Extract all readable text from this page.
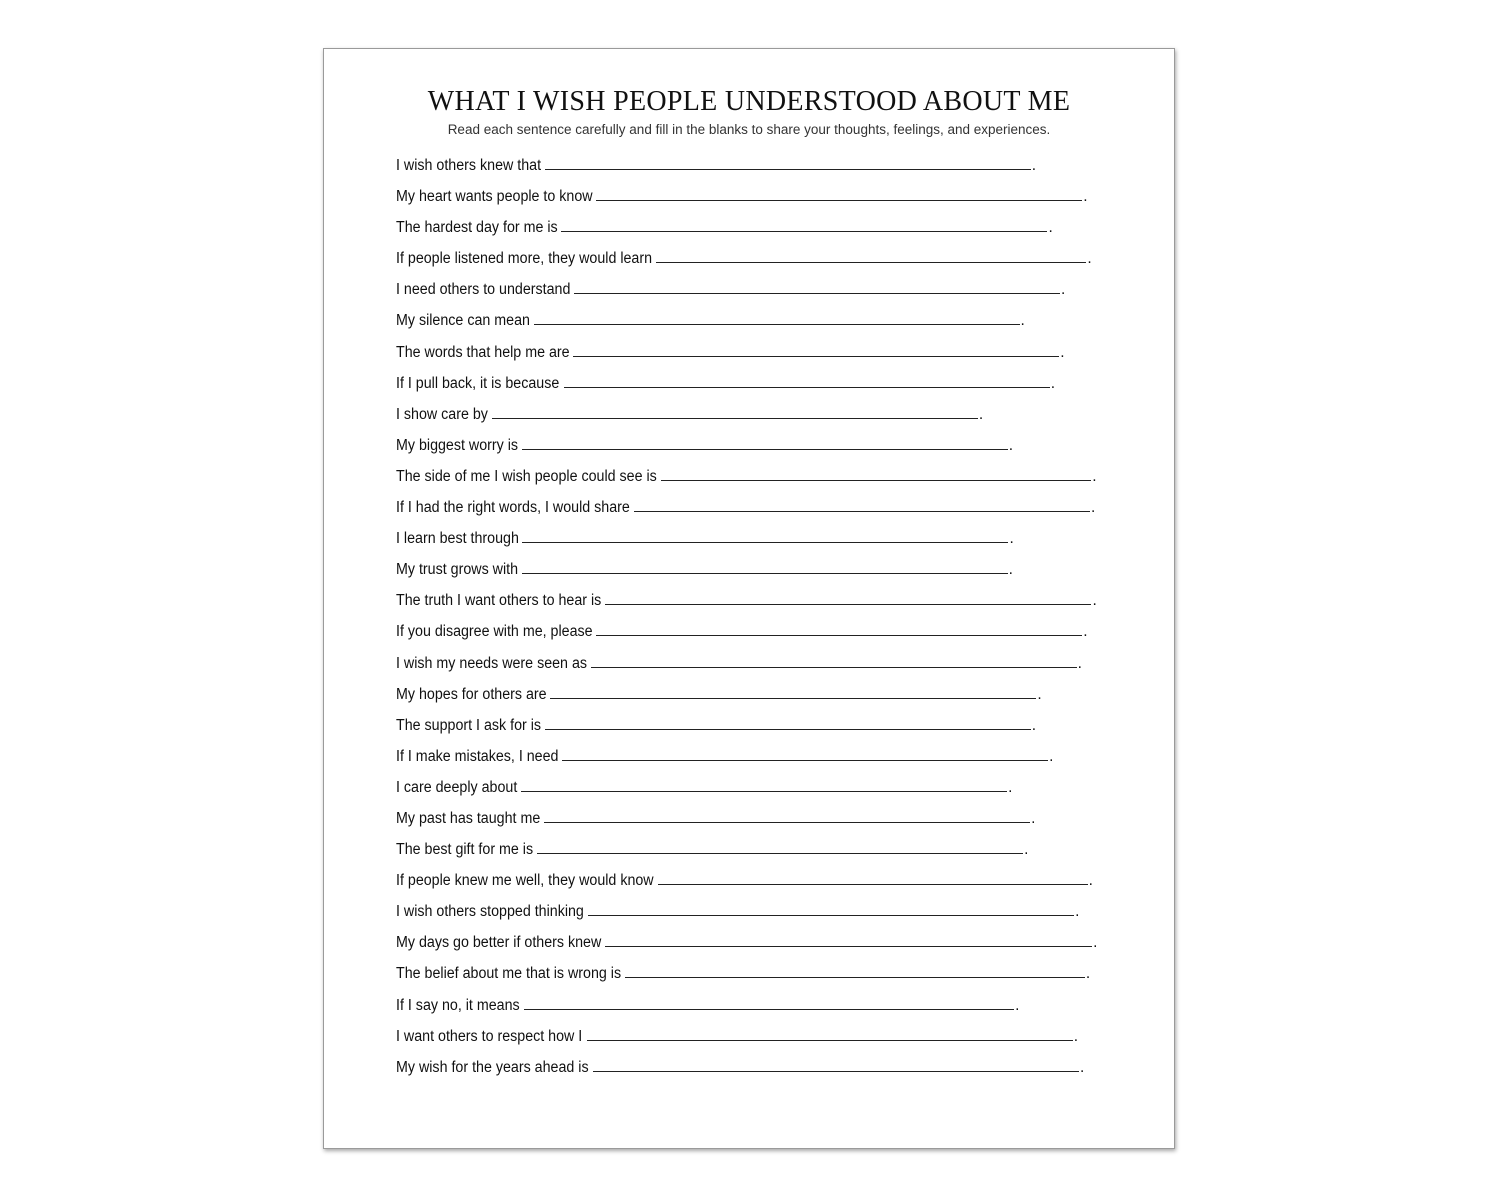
WHAT I WISH PEOPLE UNDERSTOOD ABOUT ME

Read each sentence carefully and fill in the blanks to share your thoughts, feelings, and experiences.

I wish others knew that	.
My heart wants people to know	.
The hardest day for me is	.
If people listened more, they would learn	.
I need others to understand	.
My silence can mean	.
The words that help me are	.
If I pull back, it is because	.
I show care by	.
My biggest worry is	.
The side of me I wish people could see is	.
If I had the right words, I would share	.
I learn best through	.
My trust grows with	.
The truth I want others to hear is	.
If you disagree with me, please	.
I wish my needs were seen as	.
My hopes for others are	.
The support I ask for is	.
If I make mistakes, I need	.
I care deeply about	.
My past has taught me	.
The best gift for me is	.
If people knew me well, they would know	.
I wish others stopped thinking	.
My days go better if others knew	.
The belief about me that is wrong is	.
If I say no, it means	.
I want others to respect how I	.
My wish for the years ahead is	.
